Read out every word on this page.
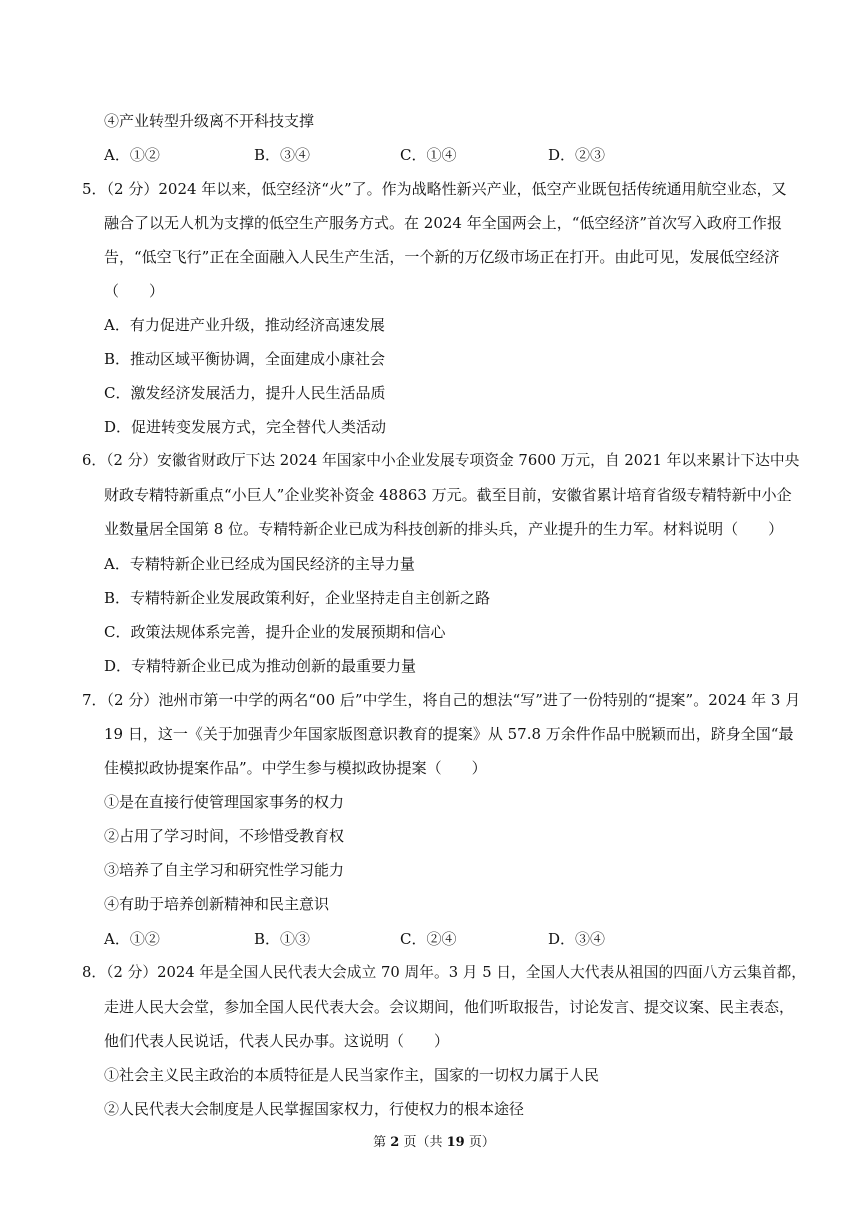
④产业转型升级离不开科技支撑
A．①②	B．③④	C．①④	D．②③
5．（2 分）2024 年以来，低空经济“火”了。作为战略性新兴产业，低空产业既包括传统通用航空业态，又
融合了以无人机为支撑的低空生产服务方式。在 2024 年全国两会上，“低空经济”首次写入政府工作报
告，“低空飞行”正在全面融入人民生产生活，一个新的万亿级市场正在打开。由此可见，发展低空经济
（　　）
A．有力促进产业升级，推动经济高速发展
B．推动区域平衡协调，全面建成小康社会
C．激发经济发展活力，提升人民生活品质
D．促进转变发展方式，完全替代人类活动
6．（2 分）安徽省财政厅下达 2024 年国家中小企业发展专项资金 7600 万元，自 2021 年以来累计下达中央
财政专精特新重点“小巨人”企业奖补资金 48863 万元。截至目前，安徽省累计培育省级专精特新中小企
业数量居全国第 8 位。专精特新企业已成为科技创新的排头兵，产业提升的生力军。材料说明（　　）
A．专精特新企业已经成为国民经济的主导力量
B．专精特新企业发展政策利好，企业坚持走自主创新之路
C．政策法规体系完善，提升企业的发展预期和信心
D．专精特新企业已成为推动创新的最重要力量
7．（2 分）池州市第一中学的两名“00 后”中学生，将自己的想法“写”进了一份特别的“提案”。2024 年 3 月
19 日，这一《关于加强青少年国家版图意识教育的提案》从 57.8 万余件作品中脱颖而出，跻身全国“最
佳模拟政协提案作品”。中学生参与模拟政协提案（　　）
①是在直接行使管理国家事务的权力
②占用了学习时间，不珍惜受教育权
③培养了自主学习和研究性学习能力
④有助于培养创新精神和民主意识
A．①②	B．①③	C．②④	D．③④
8．（2 分）2024 年是全国人民代表大会成立 70 周年。3 月 5 日，全国人大代表从祖国的四面八方云集首都，
走进人民大会堂，参加全国人民代表大会。会议期间，他们听取报告，讨论发言、提交议案、民主表态，
他们代表人民说话，代表人民办事。这说明（　　）
①社会主义民主政治的本质特征是人民当家作主，国家的一切权力属于人民
②人民代表大会制度是人民掌握国家权力，行使权力的根本途径
第 2 页（共 19 页）
